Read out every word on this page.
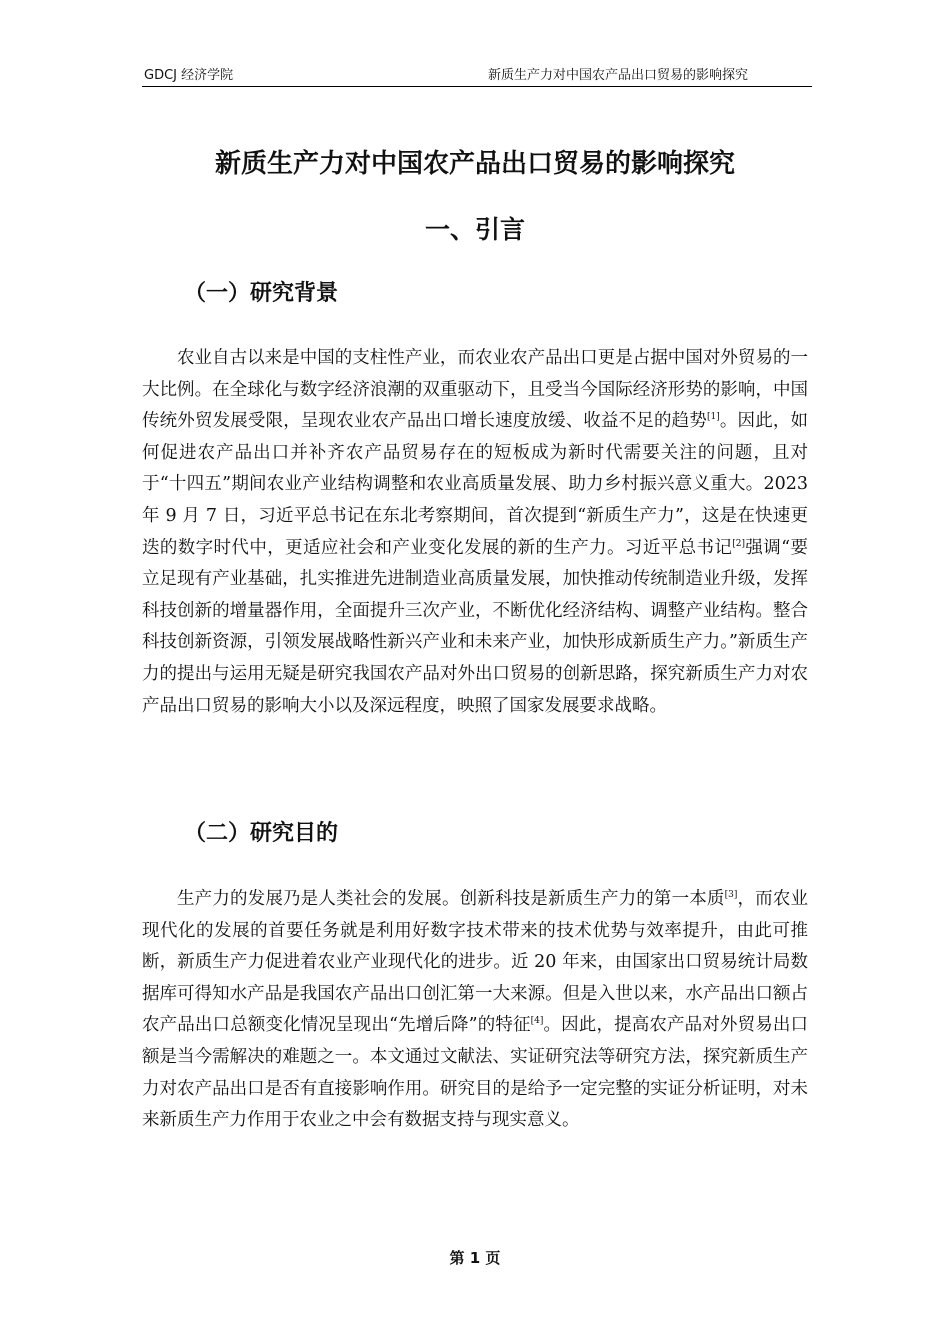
GDCJ 经济学院	新质生产力对中国农产品出口贸易的影响探究
新质生产力对中国农产品出口贸易的影响探究
一、引言
（一）研究背景

农业自古以来是中国的支柱性产业，而农业农产品出口更是占据中国对外贸易的一大比例。在全球化与数字经济浪潮的双重驱动下，且受当今国际经济形势的影响，中国传统外贸发展受限，呈现农业农产品出口增长速度放缓、收益不足的趋势[1]。因此，如何促进农产品出口并补齐农产品贸易存在的短板成为新时代需要关注的问题，且对于“十四五”期间农业产业结构调整和农业高质量发展、助力乡村振兴意义重大。2023 年 9 月 7 日，习近平总书记在东北考察期间，首次提到“新质生产力”，这是在快速更迭的数字时代中，更适应社会和产业变化发展的新的生产力。习近平总书记[2]强调“要立足现有产业基础，扎实推进先进制造业高质量发展，加快推动传统制造业升级，发挥科技创新的增量器作用，全面提升三次产业，不断优化经济结构、调整产业结构。整合科技创新资源，引领发展战略性新兴产业和未来产业，加快形成新质生产力。”新质生产力的提出与运用无疑是研究我国农产品对外出口贸易的创新思路，探究新质生产力对农产品出口贸易的影响大小以及深远程度，映照了国家发展要求战略。

（二）研究目的

生产力的发展乃是人类社会的发展。创新科技是新质生产力的第一本质[3]，而农业现代化的发展的首要任务就是利用好数字技术带来的技术优势与效率提升，由此可推断，新质生产力促进着农业产业现代化的进步。近 20 年来，由国家出口贸易统计局数据库可得知水产品是我国农产品出口创汇第一大来源。但是入世以来，水产品出口额占农产品出口总额变化情况呈现出“先增后降”的特征[4]。因此，提高农产品对外贸易出口额是当今需解决的难题之一。本文通过文献法、实证研究法等研究方法，探究新质生产力对农产品出口是否有直接影响作用。研究目的是给予一定完整的实证分析证明，对未来新质生产力作用于农业之中会有数据支持与现实意义。

第 1 页
